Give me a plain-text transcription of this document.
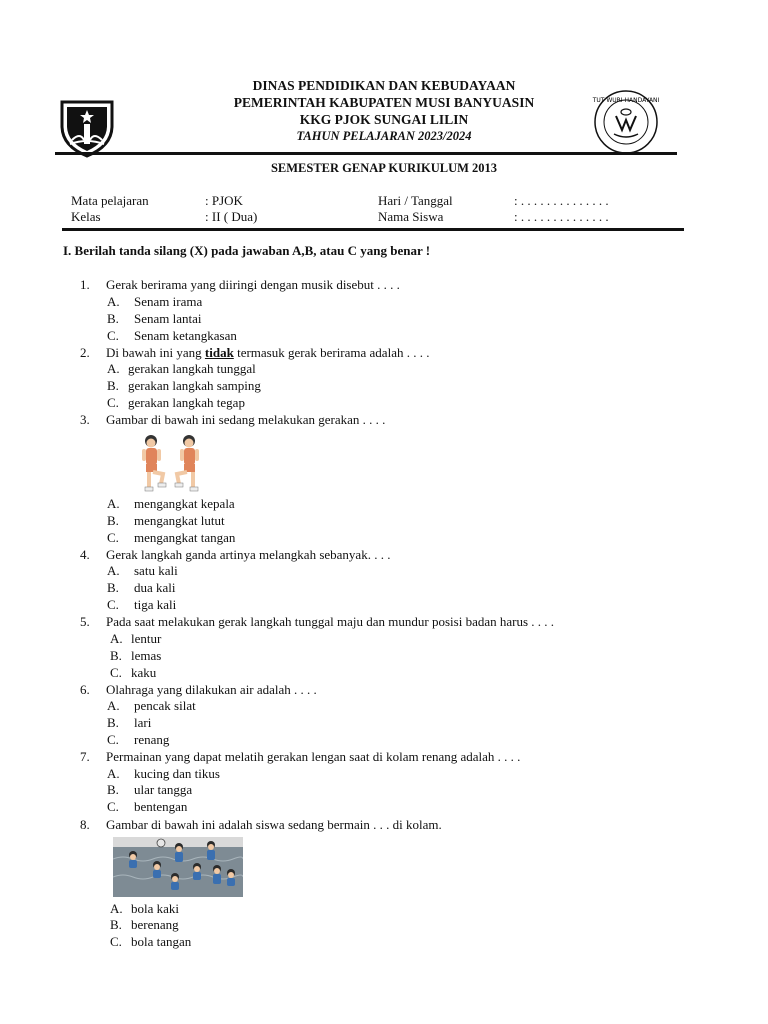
TUT WURI HANDAYANI
DINAS PENDIDIKAN DAN KEBUDAYAAN
PEMERINTAH KABUPATEN MUSI BANYUASIN
KKG PJOK SUNGAI LILIN
TAHUN PELAJARAN 2023/2024
SEMESTER GENAP KURIKULUM 2013
Mata pelajaran	: PJOK	Hari / Tanggal	: . . . . . . . . . . . . . .
Kelas	: II ( Dua)	Nama Siswa	: . . . . . . . . . . . . . .
I. Berilah tanda silang (X) pada jawaban A,B, atau C yang benar !
1. Gerak berirama yang diiringi dengan musik disebut . . . .
A. Senam irama
B. Senam lantai
C. Senam ketangkasan
2. Di bawah ini yang tidak termasuk gerak berirama adalah . . . .
A. gerakan langkah tunggal
B. gerakan langkah samping
C. gerakan langkah tegap
3. Gambar di bawah ini sedang melakukan gerakan . . . .
A. mengangkat kepala
B. mengangkat lutut
C. mengangkat tangan
4. Gerak langkah ganda artinya melangkah sebanyak. . . .
A. satu kali
B. dua kali
C. tiga kali
5. Pada saat melakukan gerak langkah tunggal maju dan mundur posisi badan harus . . . .
A. lentur
B. lemas
C. kaku
6. Olahraga yang dilakukan air adalah . . . .
A. pencak silat
B. lari
C. renang
7. Permainan yang dapat melatih gerakan lengan saat di kolam renang adalah . . . .
A. kucing dan tikus
B. ular tangga
C. bentengan
8. Gambar di bawah ini adalah siswa sedang bermain . . . di kolam.
A. bola kaki
B. berenang
C. bola tangan
